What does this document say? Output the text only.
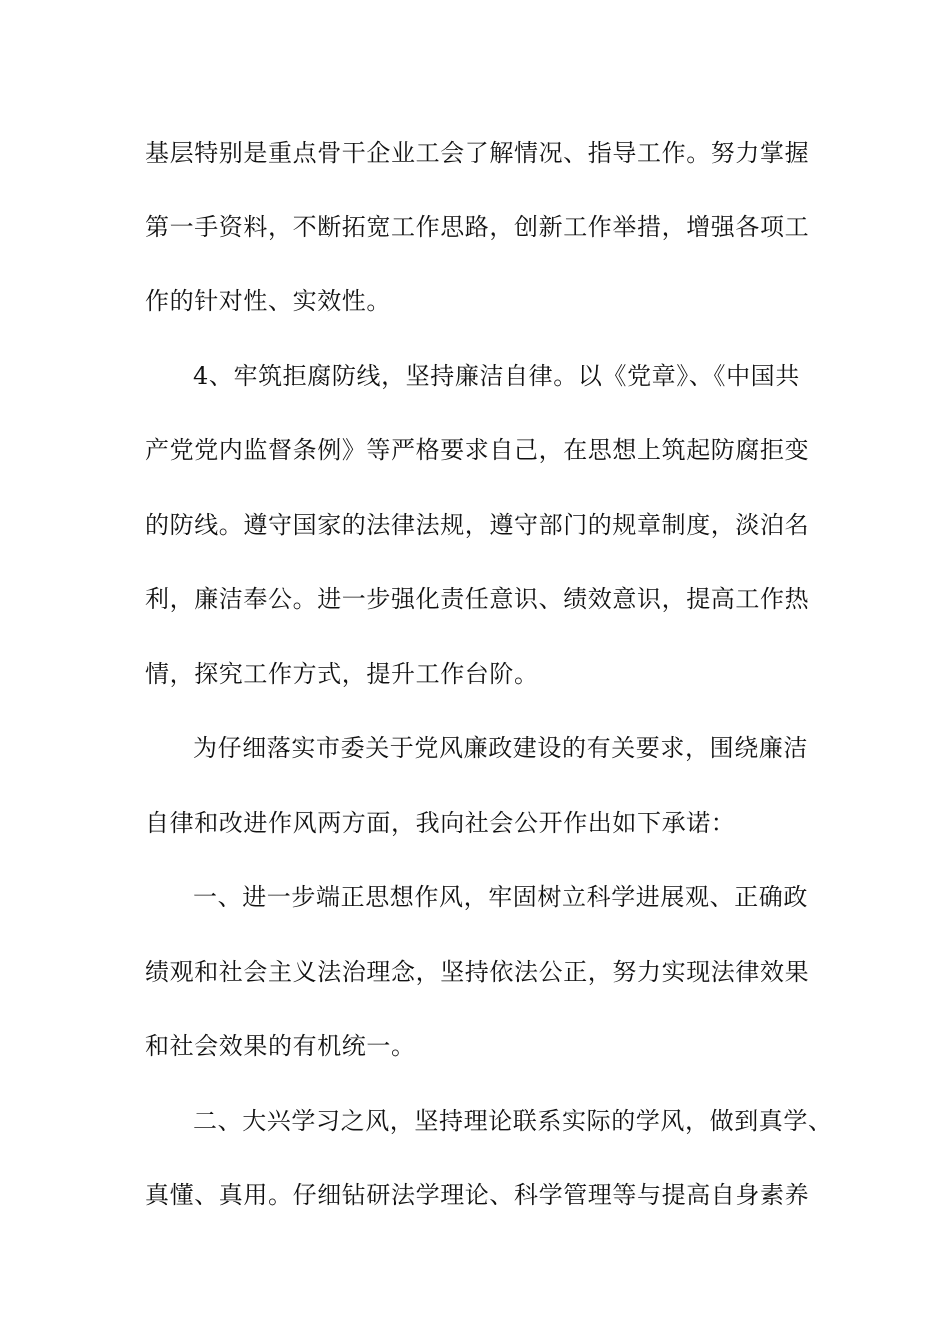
基层特别是重点骨干企业工会了解情况、指导工作。努力掌握
第一手资料，不断拓宽工作思路，创新工作举措，增强各项工
作的针对性、实效性。
4、牢筑拒腐防线，坚持廉洁自律。以《党章》、《中国共
产党党内监督条例》等严格要求自己，在思想上筑起防腐拒变
的防线。遵守国家的法律法规，遵守部门的规章制度，淡泊名
利，廉洁奉公。进一步强化责任意识、绩效意识，提高工作热
情，探究工作方式，提升工作台阶。
为仔细落实市委关于党风廉政建设的有关要求，围绕廉洁
自律和改进作风两方面，我向社会公开作出如下承诺：
一、进一步端正思想作风，牢固树立科学进展观、正确政
绩观和社会主义法治理念，坚持依法公正，努力实现法律效果
和社会效果的有机统一。
二、大兴学习之风，坚持理论联系实际的学风，做到真学、
真懂、真用。仔细钻研法学理论、科学管理等与提高自身素养
